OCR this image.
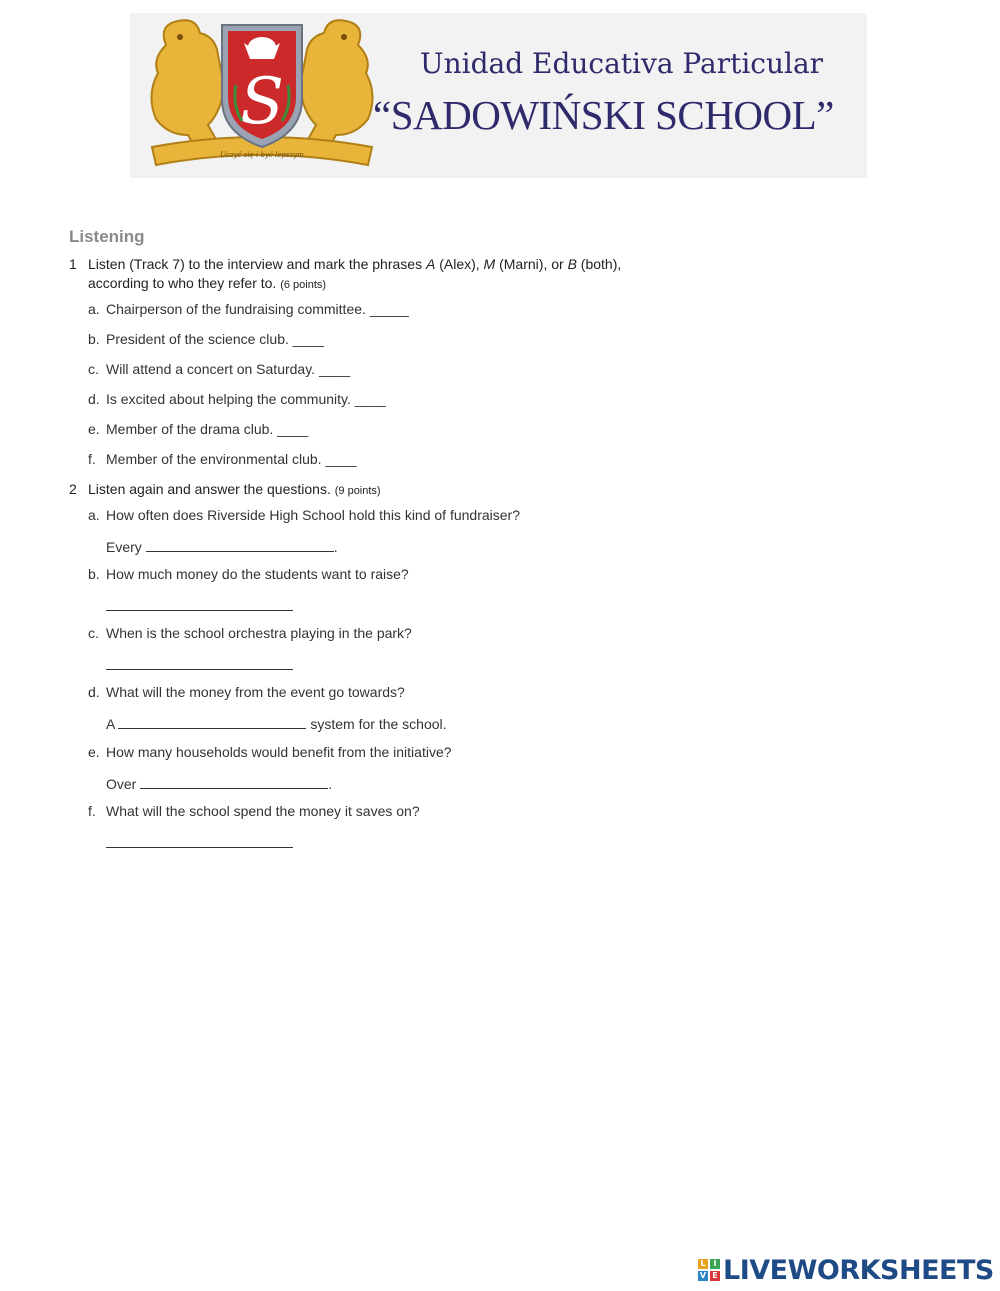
Uczyć się i być lepszym
S
Unidad Educativa Particular
“SADOWIŃSKI SCHOOL”
Listening
1 Listen (Track 7) to the interview and mark the phrases A (Alex), M (Marni), or B (both),
according to who they refer to. (6 points)
a. Chairperson of the fundraising committee. _____
b. President of the science club. ____
c. Will attend a concert on Saturday. ____
d. Is excited about helping the community. ____
e. Member of the drama club. ____
f. Member of the environmental club. ____
2 Listen again and answer the questions. (9 points)
a. How often does Riverside High School hold this kind of fundraiser?
Every	.
b. How much money do the students want to raise?
c. When is the school orchestra playing in the park?
d. What will the money from the event go towards?
A	system for the school.
e. How many households would benefit from the initiative?
Over	.
f. What will the school spend the money it saves on?
L I
V E LIVEWORKSHEETS
